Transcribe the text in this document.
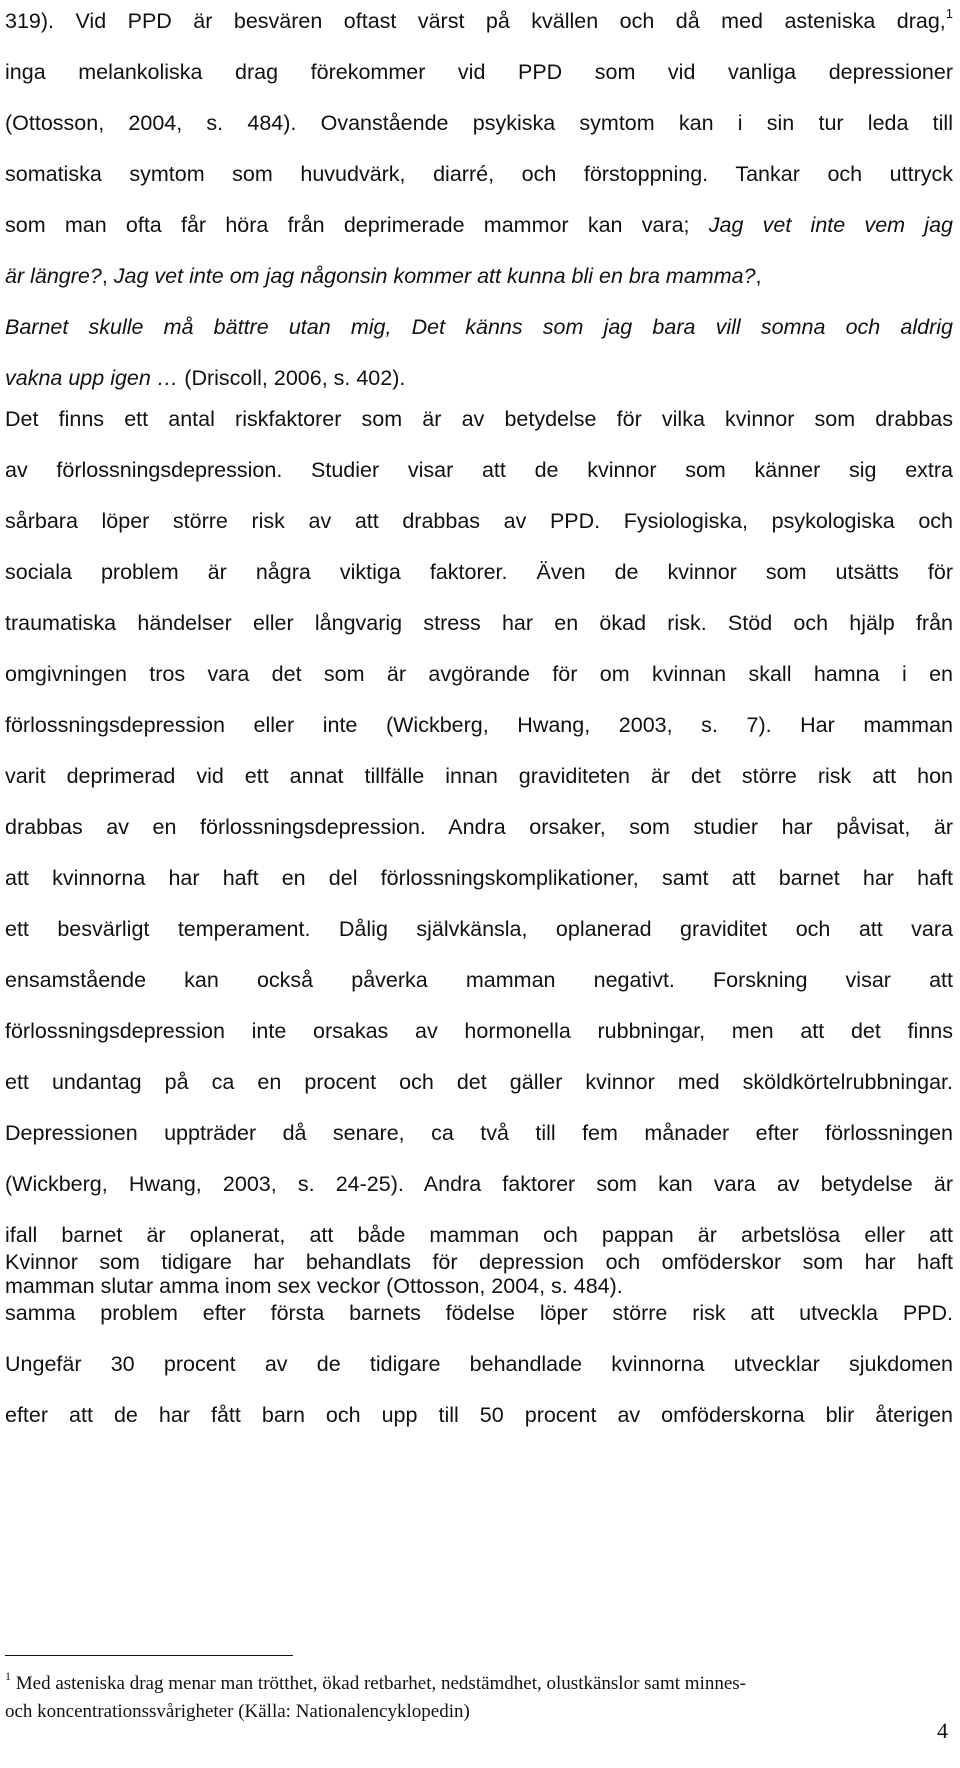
319). Vid PPD är besvären oftast värst på kvällen och då med asteniska drag,$^1$
inga melankoliska drag förekommer vid PPD som vid vanliga depressioner
(Ottosson, 2004, s. 484). Ovanstående psykiska symtom kan i sin tur leda till
somatiska symtom som huvudvärk, diarré, och förstoppning. Tankar och uttryck
som man ofta får höra från deprimerade mammor kan vara; Jag vet inte vem jag
är längre?, Jag vet inte om jag någonsin kommer att kunna bli en bra mamma?,
Barnet skulle må bättre utan mig, Det känns som jag bara vill somna och aldrig
vakna upp igen … (Driscoll, 2006, s. 402).
Det finns ett antal riskfaktorer som är av betydelse för vilka kvinnor som drabbas
av förlossningsdepression. Studier visar att de kvinnor som känner sig extra
sårbara löper större risk av att drabbas av PPD. Fysiologiska, psykologiska och
sociala problem är några viktiga faktorer. Även de kvinnor som utsätts för
traumatiska händelser eller långvarig stress har en ökad risk. Stöd och hjälp från
omgivningen tros vara det som är avgörande för om kvinnan skall hamna i en
förlossningsdepression eller inte (Wickberg, Hwang, 2003, s. 7). Har mamman
varit deprimerad vid ett annat tillfälle innan graviditeten är det större risk att hon
drabbas av en förlossningsdepression. Andra orsaker, som studier har påvisat, är
att kvinnorna har haft en del förlossningskomplikationer, samt att barnet har haft
ett besvärligt temperament. Dålig självkänsla, oplanerad graviditet och att vara
ensamstående kan också påverka mamman negativt. Forskning visar att
förlossningsdepression inte orsakas av hormonella rubbningar, men att det finns
ett undantag på ca en procent och det gäller kvinnor med sköldkörtelrubbningar.
Depressionen uppträder då senare, ca två till fem månader efter förlossningen
(Wickberg, Hwang, 2003, s. 24-25). Andra faktorer som kan vara av betydelse är
ifall barnet är oplanerat, att både mamman och pappan är arbetslösa eller att
mamman slutar amma inom sex veckor (Ottosson, 2004, s. 484).
Kvinnor som tidigare har behandlats för depression och omföderskor som har haft
samma problem efter första barnets födelse löper större risk att utveckla PPD.
Ungefär 30 procent av de tidigare behandlade kvinnorna utvecklar sjukdomen
efter att de har fått barn och upp till 50 procent av omföderskorna blir återigen
$^1$ Med asteniska drag menar man trötthet, ökad retbarhet, nedstämdhet, olustkänslor samt minnes-
och koncentrationssvårigheter (Källa: Nationalencyklopedin)
4
